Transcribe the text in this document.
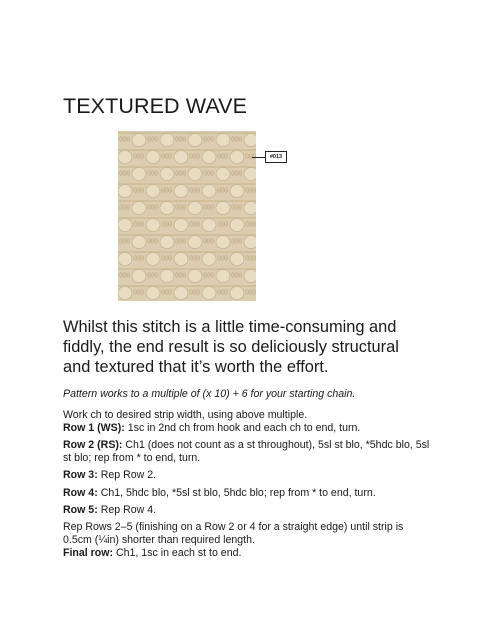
TEXTURED WAVE
#013

Whilst this stitch is a little time-consuming and fiddly, the end result is so deliciously structural and textured that it’s worth the effort.

Pattern works to a multiple of (x 10) + 6 for your starting chain.

Work ch to desired strip width, using above multiple.

Row 1 (WS): 1sc in 2nd ch from hook and each ch to end, turn.

Row 2 (RS): Ch1 (does not count as a st throughout), 5sl st blo, *5hdc blo, 5sl st blo; rep from * to end, turn.

Row 3: Rep Row 2.

Row 4: Ch1, 5hdc blo, *5sl st blo, 5hdc blo; rep from * to end, turn.

Row 5: Rep Row 4.

Rep Rows 2–5 (finishing on a Row 2 or 4 for a straight edge) until strip is 0.5cm (¼in) shorter than required length.

Final row: Ch1, 1sc in each st to end.
